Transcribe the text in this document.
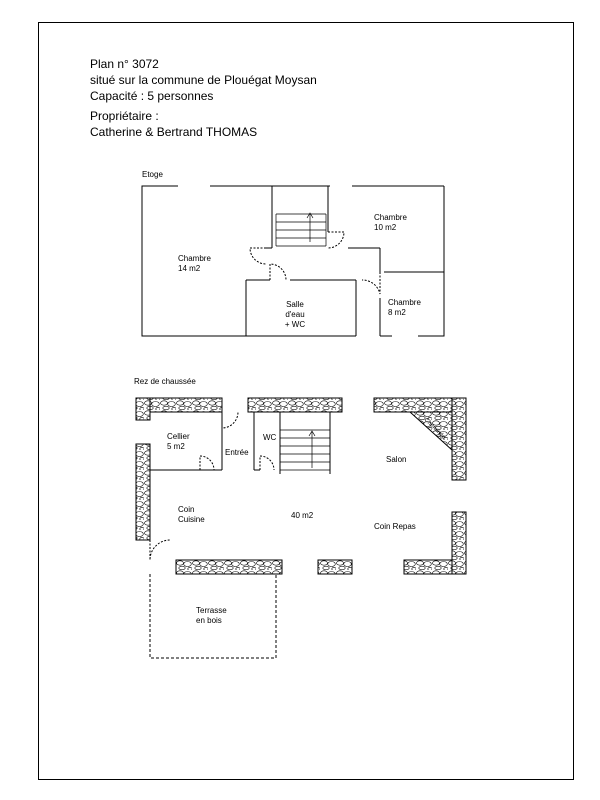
Plan n° 3072
situé sur la commune de Plouégat Moysan
Capacité : 5 personnes
Propriétaire :
Catherine & Bertrand THOMAS
Etoge
Chambre
14 m2
Chambre
10 m2
Chambre
8 m2
Salle
d'eau
+ WC
Rez de chaussée
Cellier
5 m2
Entrée
WC
Salon
Cheminée
Coin
Cuisine	40 m2
Coin Repas
Terrasse
en bois
